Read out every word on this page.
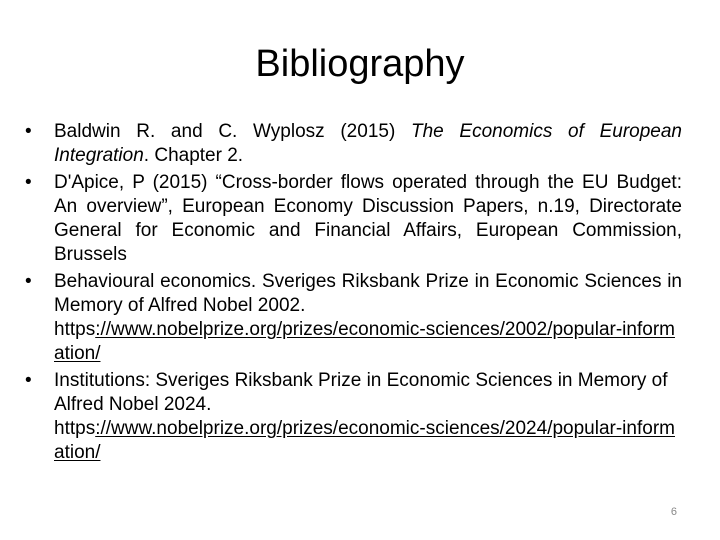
Bibliography
• Baldwin R. and C. Wyplosz (2015) The Economics of European Integration. Chapter 2.
• D'Apice, P (2015) “Cross-border flows operated through the EU Budget: An overview”, European Economy Discussion Papers, n.19, Directorate General for Economic and Financial Affairs, European Commission, Brussels
• Behavioural economics. Sveriges Riksbank Prize in Economic Sciences in Memory of Alfred Nobel 2002.
https://www.nobelprize.org/prizes/economic-sciences/2002/popular-information/
• Institutions: Sveriges Riksbank Prize in Economic Sciences in Memory of Alfred Nobel 2024.
https://www.nobelprize.org/prizes/economic-sciences/2024/popular-information/
6
